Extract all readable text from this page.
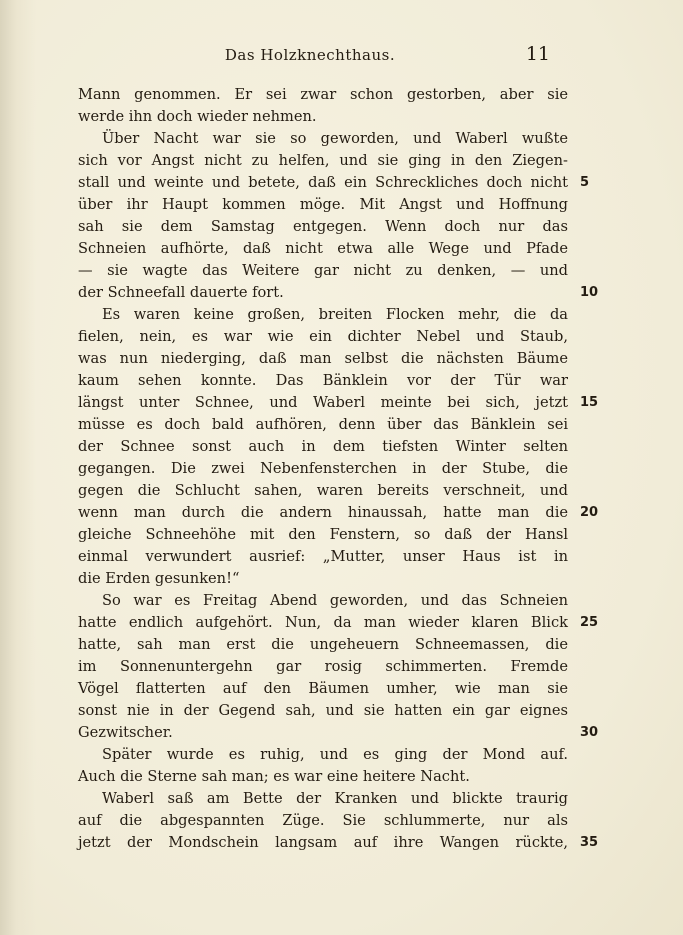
Das Holzknechthaus.	11
Mann genommen. Er sei zwar schon gestorben, aber sie
werde ihn doch wieder nehmen.
Über Nacht war sie so geworden, und Waberl wußte
sich vor Angst nicht zu helfen, und sie ging in den Ziegen-
stall und weinte und betete, daß ein Schreckliches doch nicht 5
über ihr Haupt kommen möge. Mit Angst und Hoffnung
sah sie dem Samstag entgegen. Wenn doch nur das
Schneien aufhörte, daß nicht etwa alle Wege und Pfade
— sie wagte das Weitere gar nicht zu denken, — und
der Schneefall dauerte fort.	10
Es waren keine großen, breiten Flocken mehr, die da
fielen, nein, es war wie ein dichter Nebel und Staub,
was nun niederging, daß man selbst die nächsten Bäume
kaum sehen konnte. Das Bänklein vor der Tür war
längst unter Schnee, und Waberl meinte bei sich, jetzt 15
müsse es doch bald aufhören, denn über das Bänklein sei
der Schnee sonst auch in dem tiefsten Winter selten
gegangen. Die zwei Nebenfensterchen in der Stube, die
gegen die Schlucht sahen, waren bereits verschneit, und
wenn man durch die andern hinaussah, hatte man die 20
gleiche Schneehöhe mit den Fenstern, so daß der Hansl
einmal verwundert ausrief: „Mutter, unser Haus ist in
die Erden gesunken!“
So war es Freitag Abend geworden, und das Schneien
hatte endlich aufgehört. Nun, da man wieder klaren Blick 25
hatte, sah man erst die ungeheuern Schneemassen, die
im Sonnenuntergehn gar rosig schimmerten. Fremde
Vögel flatterten auf den Bäumen umher, wie man sie
sonst nie in der Gegend sah, und sie hatten ein gar eignes
Gezwitscher.	30
Später wurde es ruhig, und es ging der Mond auf.
Auch die Sterne sah man; es war eine heitere Nacht.
Waberl saß am Bette der Kranken und blickte traurig
auf die abgespannten Züge. Sie schlummerte, nur als
jetzt der Mondschein langsam auf ihre Wangen rückte, 35
